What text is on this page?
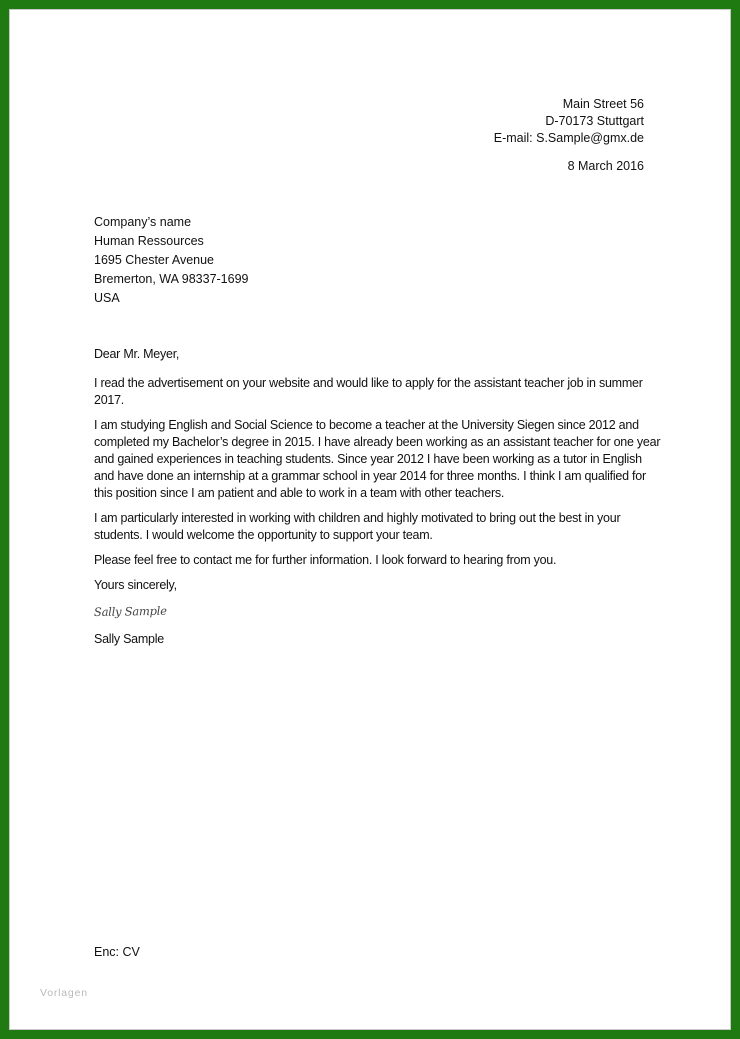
Main Street 56
D-70173 Stuttgart
E-mail: S.Sample@gmx.de
8 March 2016
Company’s name
Human Ressources
1695 Chester Avenue
Bremerton, WA 98337-1699
USA

Dear Mr. Meyer,

I read the advertisement on your website and would like to apply for the assistant teacher job in summer 2017.

I am studying English and Social Science to become a teacher at the University Siegen since 2012 and completed my Bachelor’s degree in 2015. I have already been working as an assistant teacher for one year and gained experiences in teaching students. Since year 2012 I have been working as a tutor in English and have done an internship at a grammar school in year 2014 for three months. I think I am qualified for this position since I am patient and able to work in a team with other teachers.

I am particularly interested in working with children and highly motivated to bring out the best in your students. I would welcome the opportunity to support your team.

Please feel free to contact me for further information. I look forward to hearing from you.

Yours sincerely,

Sally Sample

Sally Sample

Enc: CV
Vorlagen
